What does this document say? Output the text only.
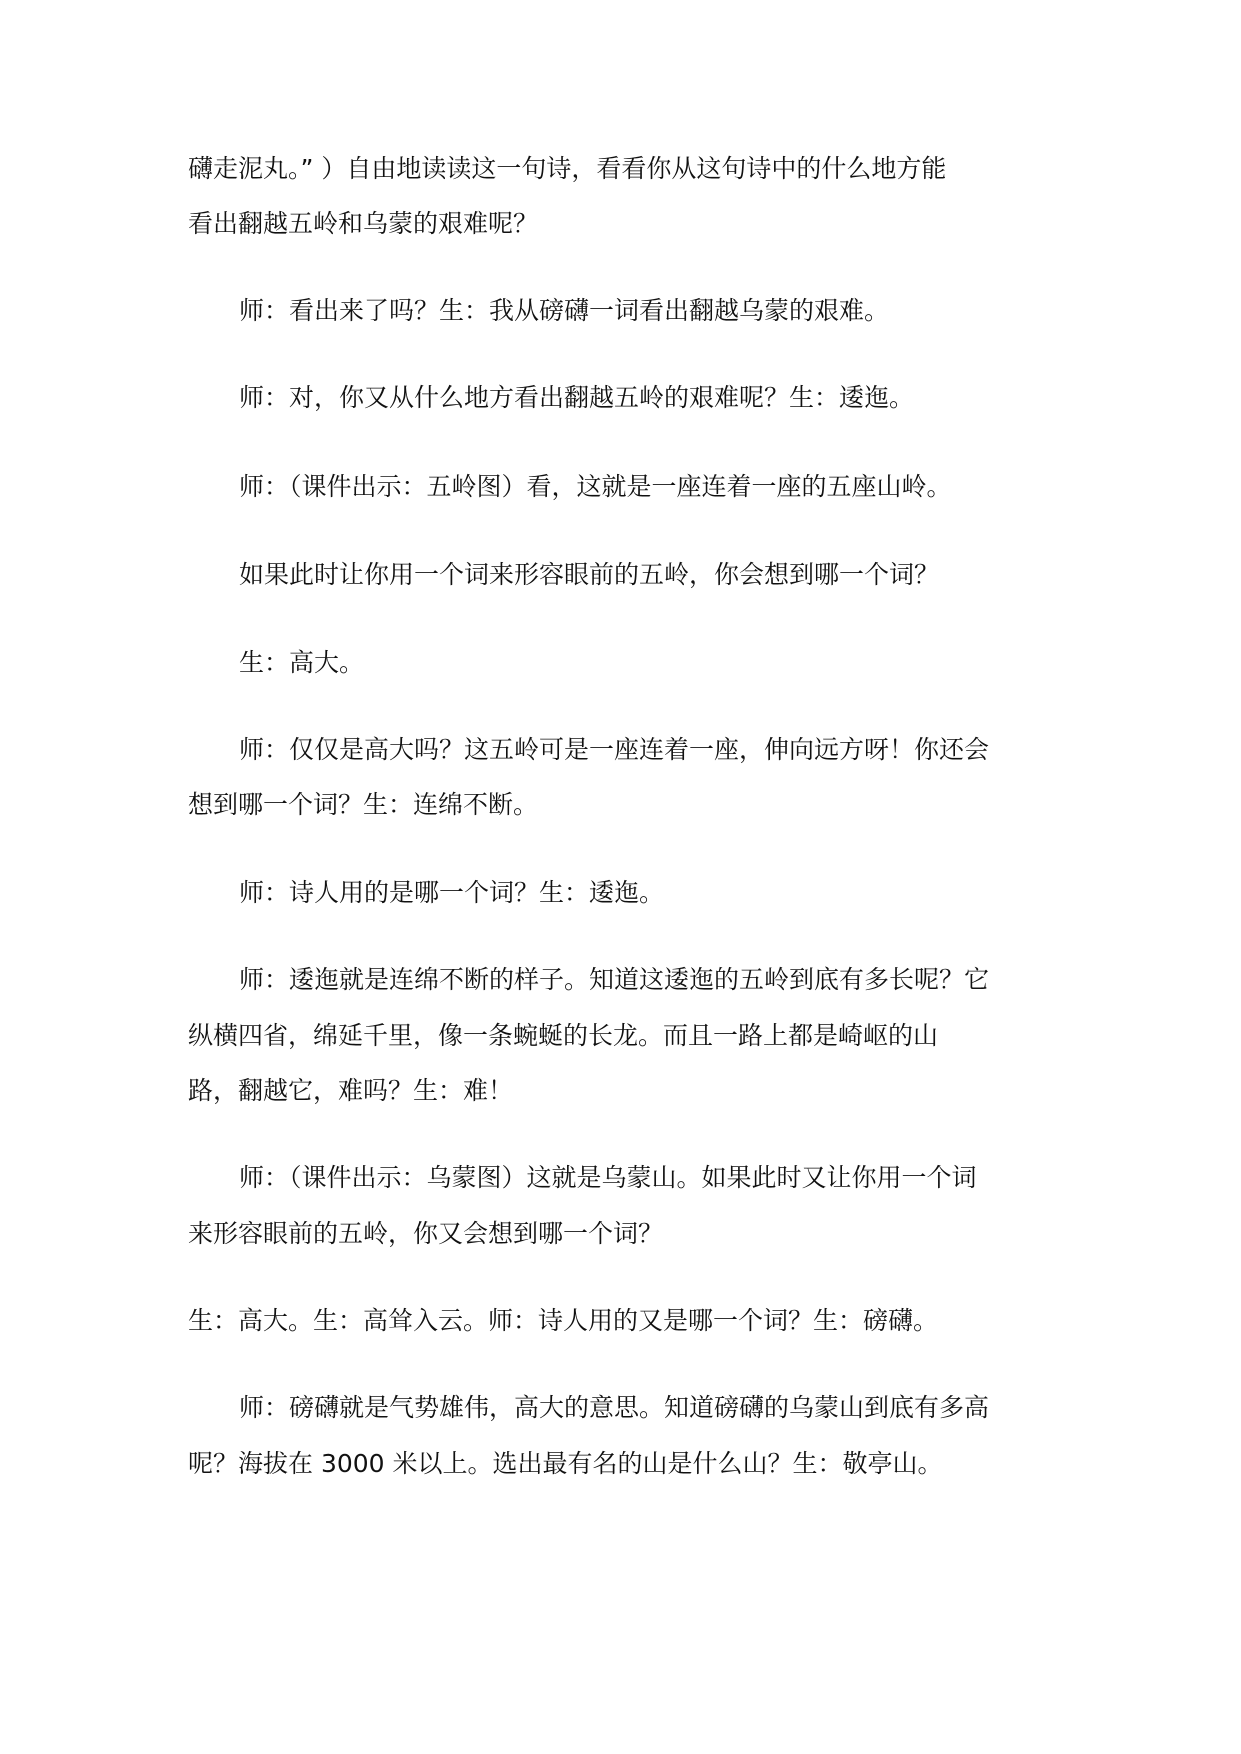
礴走泥丸。” ）自由地读读这一句诗，看看你从这句诗中的什么地方能
看出翻越五岭和乌蒙的艰难呢？
师：看出来了吗？生：我从磅礴一词看出翻越乌蒙的艰难。
师：对，你又从什么地方看出翻越五岭的艰难呢？生：逶迤。
师：（课件出示：五岭图）看，这就是一座连着一座的五座山岭。
如果此时让你用一个词来形容眼前的五岭，你会想到哪一个词？
生：高大。
师：仅仅是高大吗？这五岭可是一座连着一座，伸向远方呀！你还会
想到哪一个词？生：连绵不断。
师：诗人用的是哪一个词？生：逶迤。
师：逶迤就是连绵不断的样子。知道这逶迤的五岭到底有多长呢？它
纵横四省，绵延千里，像一条蜿蜒的长龙。而且一路上都是崎岖的山
路，翻越它，难吗？生：难！
师：（课件出示：乌蒙图）这就是乌蒙山。如果此时又让你用一个词
来形容眼前的五岭，你又会想到哪一个词？
生：高大。生：高耸入云。师：诗人用的又是哪一个词？生：磅礴。
师：磅礴就是气势雄伟，高大的意思。知道磅礴的乌蒙山到底有多高
呢？海拔在 3000 米以上。选出最有名的山是什么山？生：敬亭山。
